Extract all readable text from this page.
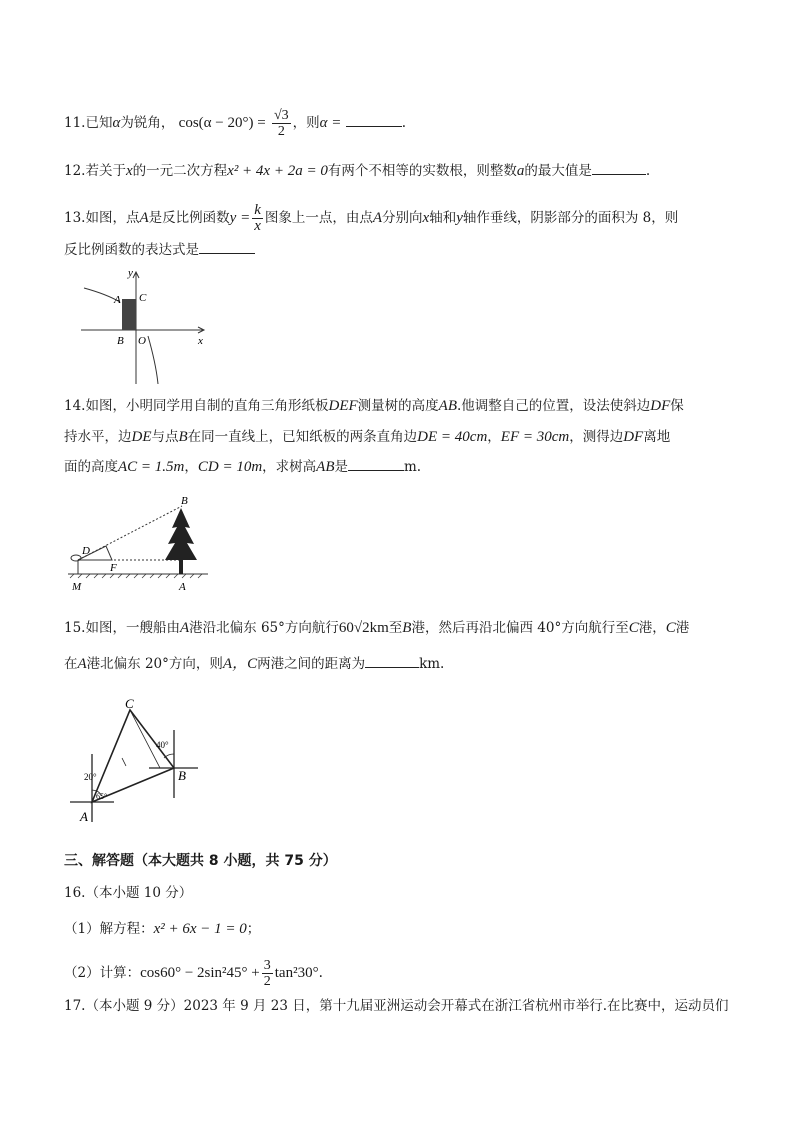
11.已知α为锐角， $\cos(\alpha - 20^\circ) = \frac{√3}{2}$ ，则α =	.
12.若关于x的一元二次方程x² + 4x + 2a = 0有两个不相等的实数根，则整数a的最大值是	.
13.如图，点A是反比例函数$y = \frac{k}{x}$ 图象上一点，由点A分别向x轴和y轴作垂线，阴影部分的面积为 8，则
反比例函数的表达式是
A C
B O	x
y
14.如图，小明同学用自制的直角三角形纸板DEF测量树的高度AB.他调整自己的位置，设法使斜边DF保
持水平，边DE与点B在同一直线上，已知纸板的两条直角边DE = 40cm，EF = 30cm，测得边DF离地
面的高度AC = 1.5m，CD = 10m，求树高AB是	m.
B
D
F
M	A
15.如图，一艘船由A港沿北偏东 65°方向航行60√2km至B港，然后再沿北偏西 40°方向航行至C港，C港
在A港北偏东 20°方向，则A，C两港之间的距离为	km.
C
A
B
40°
20°
65°
三、解答题（本大题共 8 小题，共 75 分）
16.（本小题 10 分）
（1）解方程：x² + 6x − 1 = 0；
（2）计算：$\cos 60^\circ - 2\sin^245^\circ + \frac{3}{2} \tan^230^\circ$.
17.（本小题 9 分）2023 年 9 月 23 日，第十九届亚洲运动会开幕式在浙江省杭州市举行.在比赛中，运动员们
